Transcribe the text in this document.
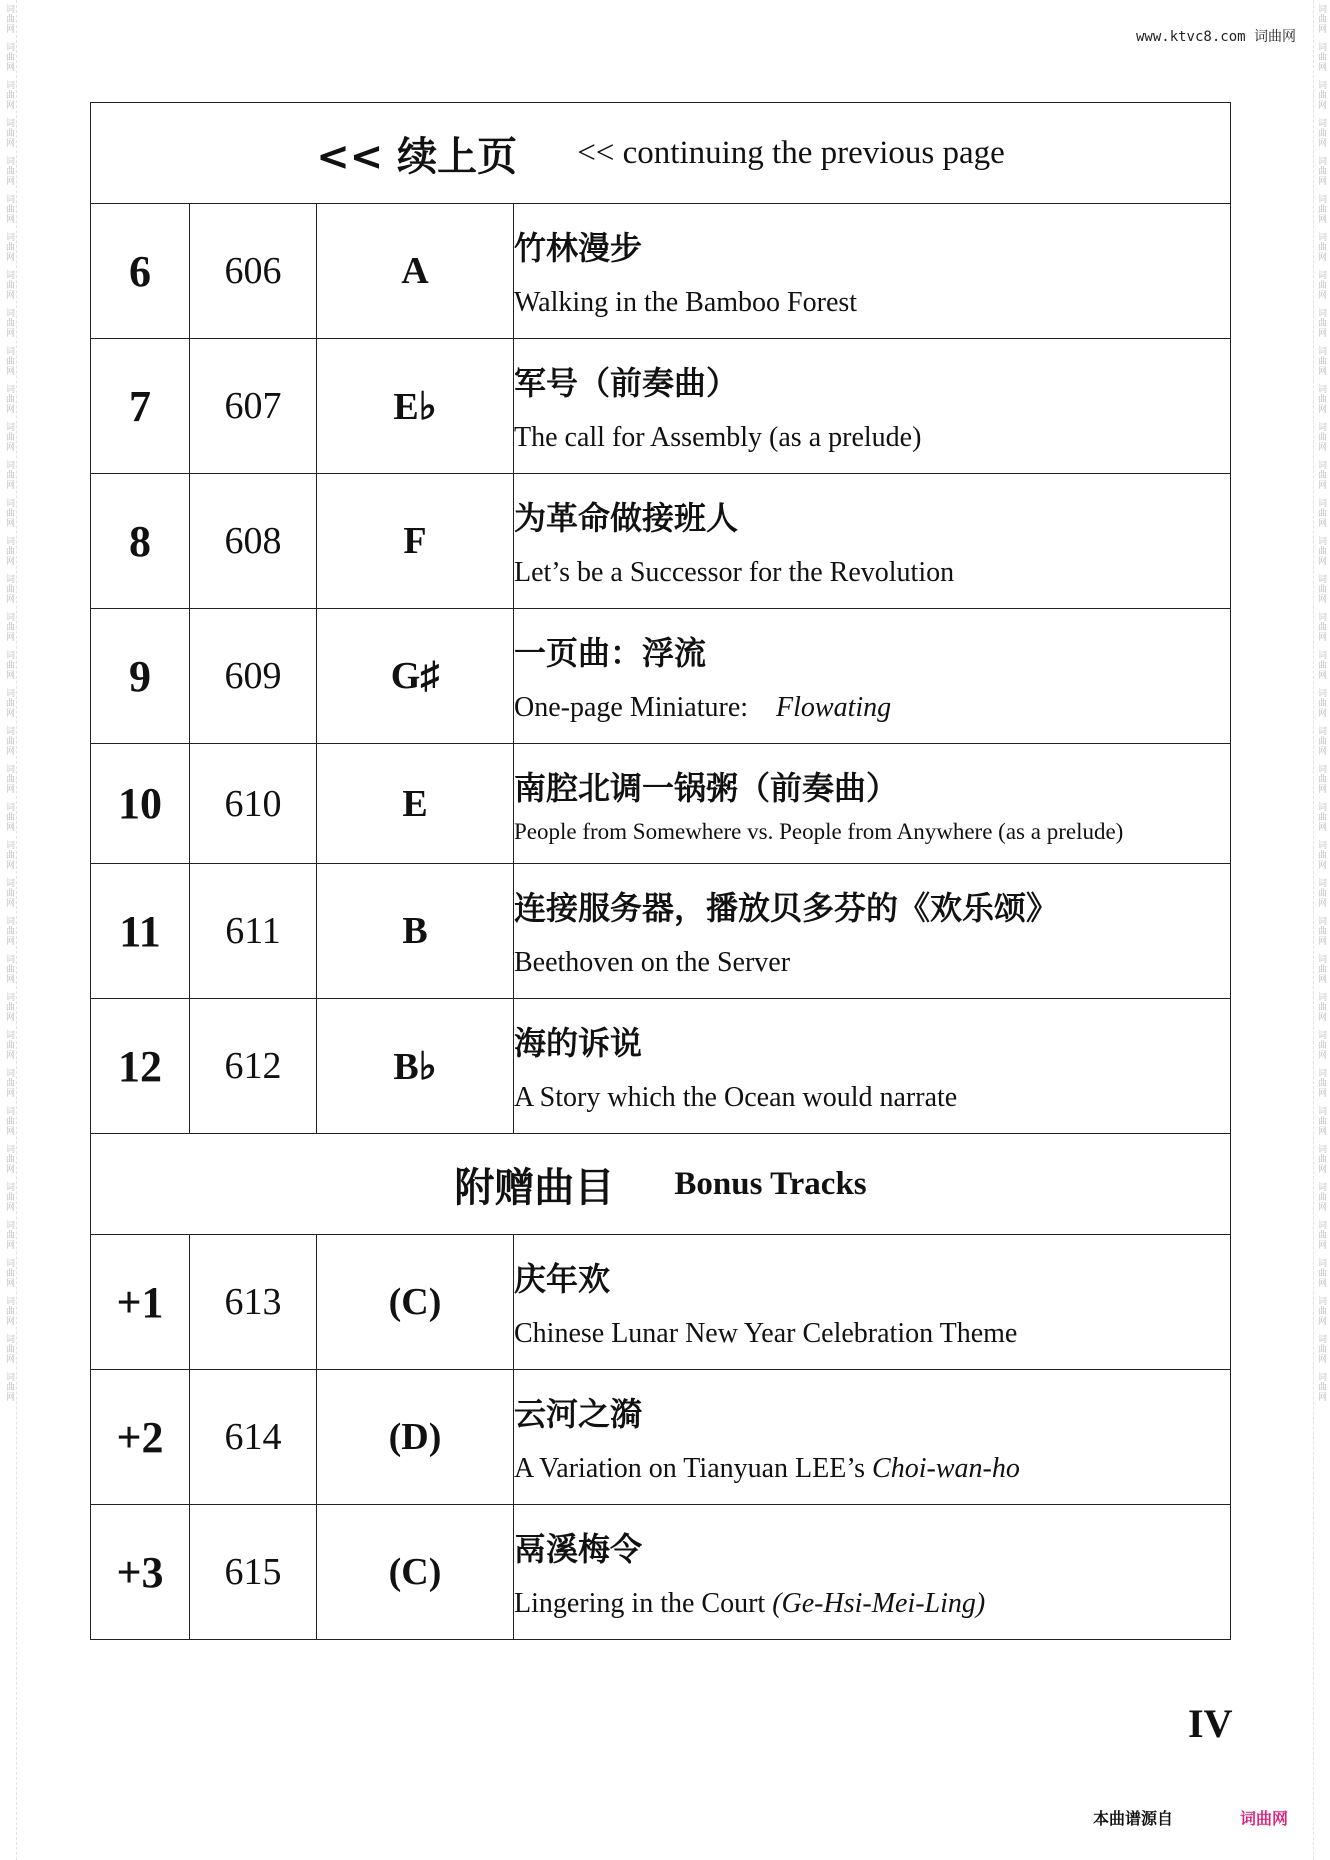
词曲网
词曲网
词曲网
词曲网
词曲网
词曲网
词曲网
词曲网
词曲网
词曲网
词曲网
词曲网
词曲网
词曲网
词曲网
词曲网
词曲网
词曲网
词曲网
词曲网
词曲网
词曲网
词曲网
词曲网
词曲网
词曲网
词曲网
词曲网
词曲网
词曲网
词曲网
词曲网
词曲网
词曲网
词曲网
词曲网
词曲网
词曲网
词曲网
词曲网
词曲网
词曲网
词曲网
词曲网
词曲网
词曲网
词曲网
词曲网
词曲网
词曲网
词曲网
词曲网
词曲网
词曲网
词曲网
词曲网
词曲网
词曲网
词曲网
词曲网
词曲网
词曲网
词曲网
词曲网
词曲网
词曲网
词曲网
词曲网
词曲网
词曲网
词曲网
词曲网
词曲网
词曲网
www.ktvc8.com 词曲网
<< 续上页 << continuing the previous page			

6	606	A	竹林漫步
Walking in the Bamboo Forest

7	607	E♭	军号（前奏曲）
The call for Assembly (as a prelude)

8	608	F	为革命做接班人
Let’s be a Successor for the Revolution

9	609	G♯	一页曲：浮流
One-page Miniature: Flowating

10	610	E	南腔北调一锅粥（前奏曲）
People from Somewhere vs. People from Anywhere (as a prelude)

11	611	B	连接服务器，播放贝多芬的《欢乐颂》
Beethoven on the Server

12	612	B♭	海的诉说
A Story which the Ocean would narrate

附赠曲目 Bonus Tracks			

+1	613	(C)	庆年欢
Chinese Lunar New Year Celebration Theme

+2	614	(D)	云河之漪
A Variation on Tianyuan LEE’s Choi-wan-ho

+3	615	(C)	鬲溪梅令
Lingering in the Court (Ge-Hsi-Mei-Ling)
IV
本曲谱源自	词曲网
